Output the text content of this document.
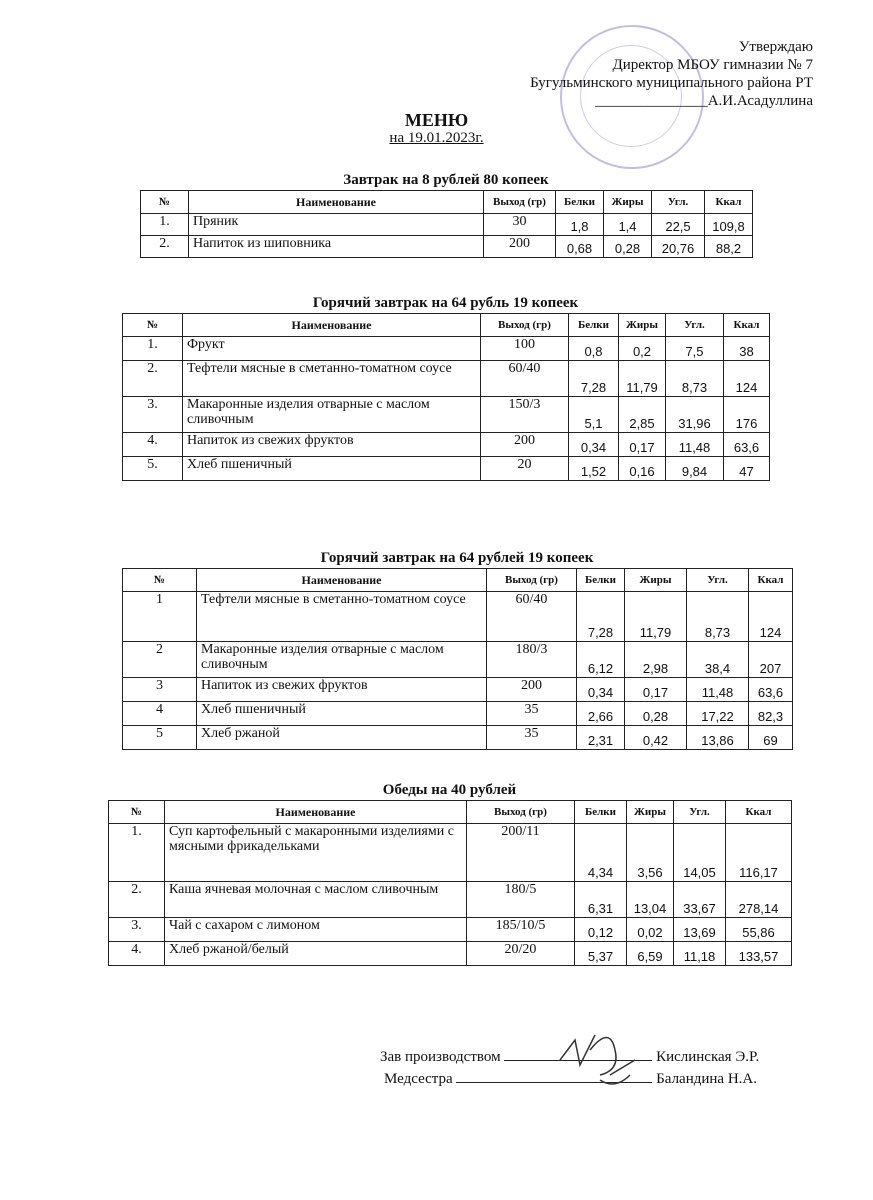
Утверждаю
Директор МБОУ гимназии № 7
Бугульминского муниципального района РТ
_______________А.И.Асадуллина
МЕНЮ
на 19.01.2023г.
Завтрак на 8 рублей 80 копеек
№	Наименование	Выход (гр)	Белки	Жиры	Угл.	Ккал
1.	Пряник	30	1,8	1,4	22,5	109,8
2.	Напиток из шиповника	200	0,68	0,28	20,76	88,2
Горячий завтрак на 64 рубль 19 копеек
№	Наименование	Выход (гр)	Белки	Жиры	Угл.	Ккал
1.	Фрукт	100	0,8	0,2	7,5	38
2.	Тефтели мясные в сметанно-томатном соусе	60/40	7,28	11,79	8,73	124
3.	Макаронные изделия отварные с маслом сливочным	150/3	5,1	2,85	31,96	176
4.	Напиток из свежих фруктов	200	0,34	0,17	11,48	63,6
5.	Хлеб пшеничный	20	1,52	0,16	9,84	47
Горячий завтрак на 64 рублей 19 копеек
№	Наименование	Выход (гр)	Белки	Жиры	Угл.	Ккал
1	Тефтели мясные в сметанно-томатном соусе	60/40	7,28	11,79	8,73	124
2	Макаронные изделия отварные с маслом сливочным	180/3	6,12	2,98	38,4	207
3	Напиток из свежих фруктов	200	0,34	0,17	11,48	63,6
4	Хлеб пшеничный	35	2,66	0,28	17,22	82,3
5	Хлеб ржаной	35	2,31	0,42	13,86	69
Обеды на 40 рублей
№	Наименование	Выход (гр)	Белки	Жиры	Угл.	Ккал
1.	Суп картофельный с макаронными изделиями с мясными фрикадельками	200/11	4,34	3,56	14,05	116,17
2.	Каша ячневая молочная с маслом сливочным	180/5	6,31	13,04	33,67	278,14
3.	Чай с сахаром с лимоном	185/10/5	0,12	0,02	13,69	55,86
4.	Хлеб ржаной/белый	20/20	5,37	6,59	11,18	133,57
Зав производством	Кислинская Э.Р.
Медсестра	Баландина Н.А.
